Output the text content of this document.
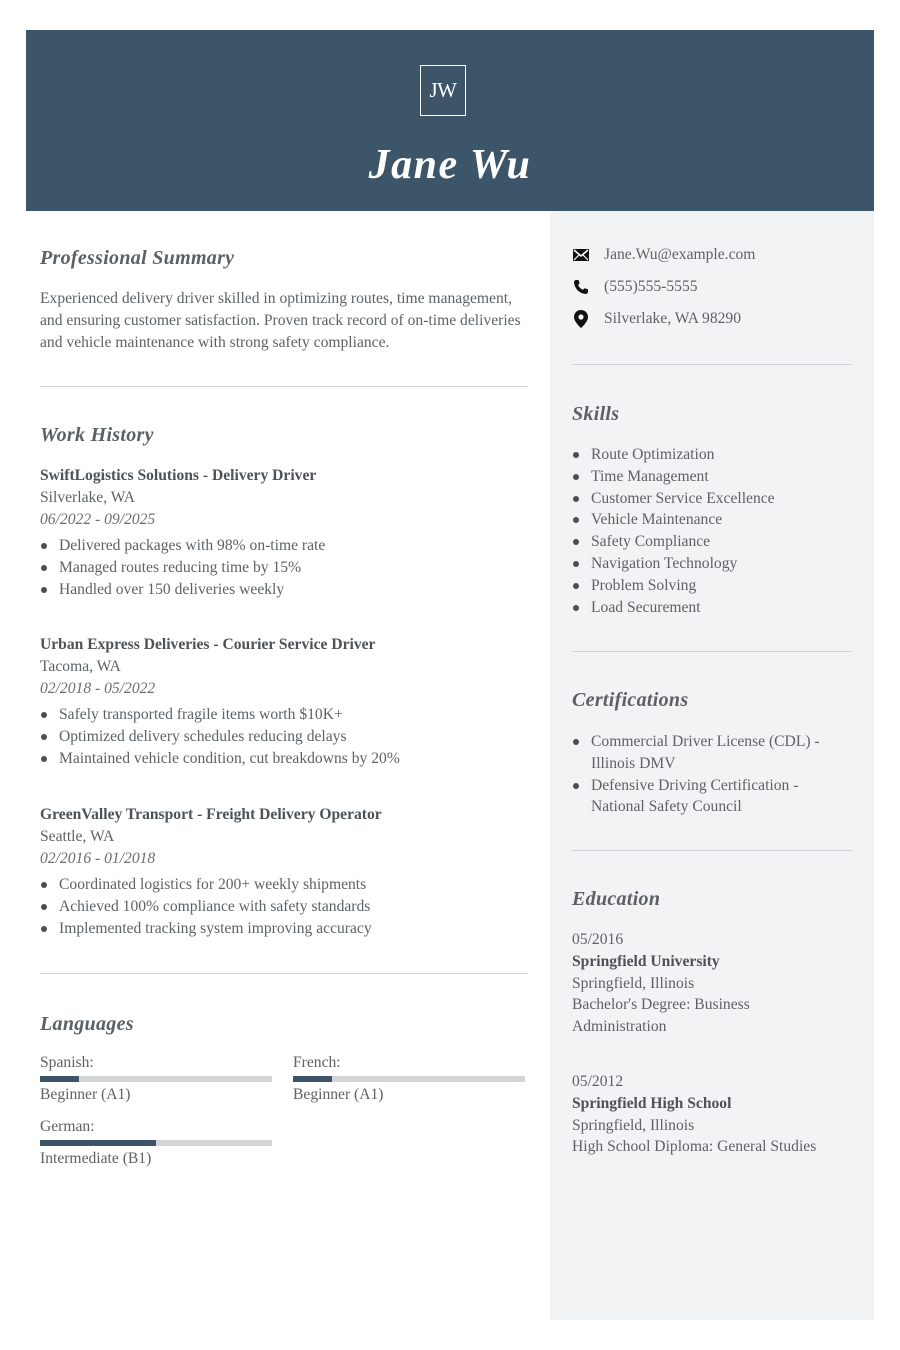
JW
Jane Wu
Professional Summary
Experienced delivery driver skilled in optimizing routes, time management, and ensuring customer satisfaction. Proven track record of on-time deliveries and vehicle maintenance with strong safety compliance.
Work History
SwiftLogistics Solutions - Delivery Driver
Silverlake, WA
06/2022 - 09/2025
Delivered packages with 98% on-time rate
Managed routes reducing time by 15%
Handled over 150 deliveries weekly
Urban Express Deliveries - Courier Service Driver
Tacoma, WA
02/2018 - 05/2022
Safely transported fragile items worth $10K+
Optimized delivery schedules reducing delays
Maintained vehicle condition, cut breakdowns by 20%
GreenValley Transport - Freight Delivery Operator
Seattle, WA
02/2016 - 01/2018
Coordinated logistics for 200+ weekly shipments
Achieved 100% compliance with safety standards
Implemented tracking system improving accuracy
Languages
Spanish:
Beginner (A1)
French:
Beginner (A1)
German:
Intermediate (B1)
Jane.Wu@example.com
(555)555-5555
Silverlake, WA 98290
Skills
Route Optimization
Time Management
Customer Service Excellence
Vehicle Maintenance
Safety Compliance
Navigation Technology
Problem Solving
Load Securement
Certifications
Commercial Driver License (CDL) - Illinois DMV
Defensive Driving Certification - National Safety Council
Education
05/2016
Springfield University
Springfield, Illinois
Bachelor's Degree: Business Administration
05/2012
Springfield High School
Springfield, Illinois
High School Diploma: General Studies
